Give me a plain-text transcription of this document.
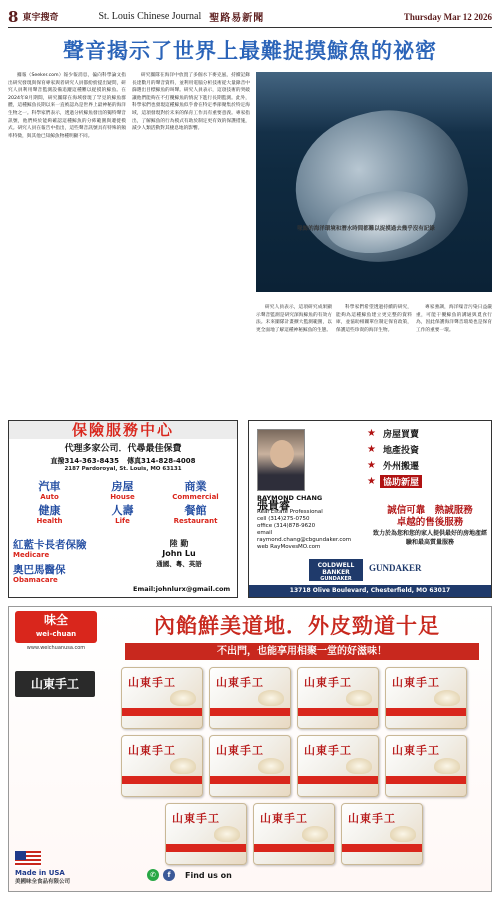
8 東宇搜奇	St. Louis Chinese Journal 聖路易新聞	Thursday Mar 12 2026
聲音揭示了世界上最難捉摸鯨魚的祕密

據報（Seeker.com）報少報消息，偏向科學論文指出研究發現與保育專家與者研究人員都紛紛提出疑問，研究人員利用聲音監測設備追蹤這種難以捉摸的鯨魚。在2024年8月期間，研究團隊在海域發現了罕見的鯨魚群體，這種鯨魚長期以來一直被認為是世界上最神秘的海洋生物之一。科學家們表示，透過分析鯨魚發出的獨特聲音訊號，他們終於能夠確認這種鯨魚的分佈範圍與遷徙模式。研究人員在報告中指出，這些聲音訊號具有特殊的頻率特徵，與其他已知鯨魚物種明顯不同。

研究團隊在海洋中放置了多個水下麥克風，持續記錄長達數月的聲音資料，並利用電腦分析技術從大量錄音中篩選出目標鯨魚的叫聲。研究人員表示，這項技術的突破讓他們能夠在不打擾鯨魚的情況下進行長期監測。此外，科學家們也發現這種鯨魚似乎會在特定季節聚集於特定海域，這項發現對於未來的保育工作具有重要意義。專家指出，了解鯨魚的行為模式有助於制定更有效的保護措施，減少人類活動對其棲息地的影響。

研究人員表示，這項研究成果顯示聲音監測是研究深海鯨魚的有效方法。未來團隊計畫擴大監測範圍，以更全面地了解這種神秘鯨魚的生態。

科學家們希望透過持續的研究，能夠為這種鯨魚建立更完整的資料庫，並協助相關單位制定保育政策，保護這些珍貴的海洋生物。

專家強調，海洋噪音污染日益嚴重，可能干擾鯨魚的溝通與覓食行為，因此保護海洋聲音環境也是保育工作的重要一環。

喙鯨的海洋環境和潛水時間都難以捉摸過去幾乎沒有記錄
保險服務中心
代理多家公司．代尋最佳保費
直撥314-363-8435 傳真314-828-4008
2187 Pardoroyal, St. Louis, MO 63131
汽車
Auto
房屋
House
商業
Commercial
健康
Health
人壽
Life
餐館
Restaurant
紅藍卡長者保險
Medicare
奧巴馬醫保
Obamacare
陸 勤
John Lu
通國、粵、英語
Email:johnlurx@gmail.com
★ 房屋買賣
★ 地產投資
★ 外州搬遷
★ 協助新屋
RAYMOND CHANG
張貴睿
Real Estate Professional
cell (314)275-0750
office (314)878-9620
email raymond.chang@cbgundaker.com
web RayMovesMO.com
誠信可靠　熱誠服務
卓越的售後服務
致力於為您和您的家人提供最好的房地產經驗和最高質量服務
COLDWELL BANKER
GUNDAKER
GUNDAKER
13718 Olive Boulevard, Chesterfield, MO 63017
味全
wei-chuan
www.weichuanusa.com
內餡鮮美道地．外皮勁道十足
不出門，也能享用相聚一堂的好滋味！
山東手工	山東手工	山東手工	山東手工	山東手工
山東手工	山東手工	山東手工	山東手工
山東手工	山東手工	山東手工
Made in USA
美國味全食品有限公司
✆	f	Find us on
